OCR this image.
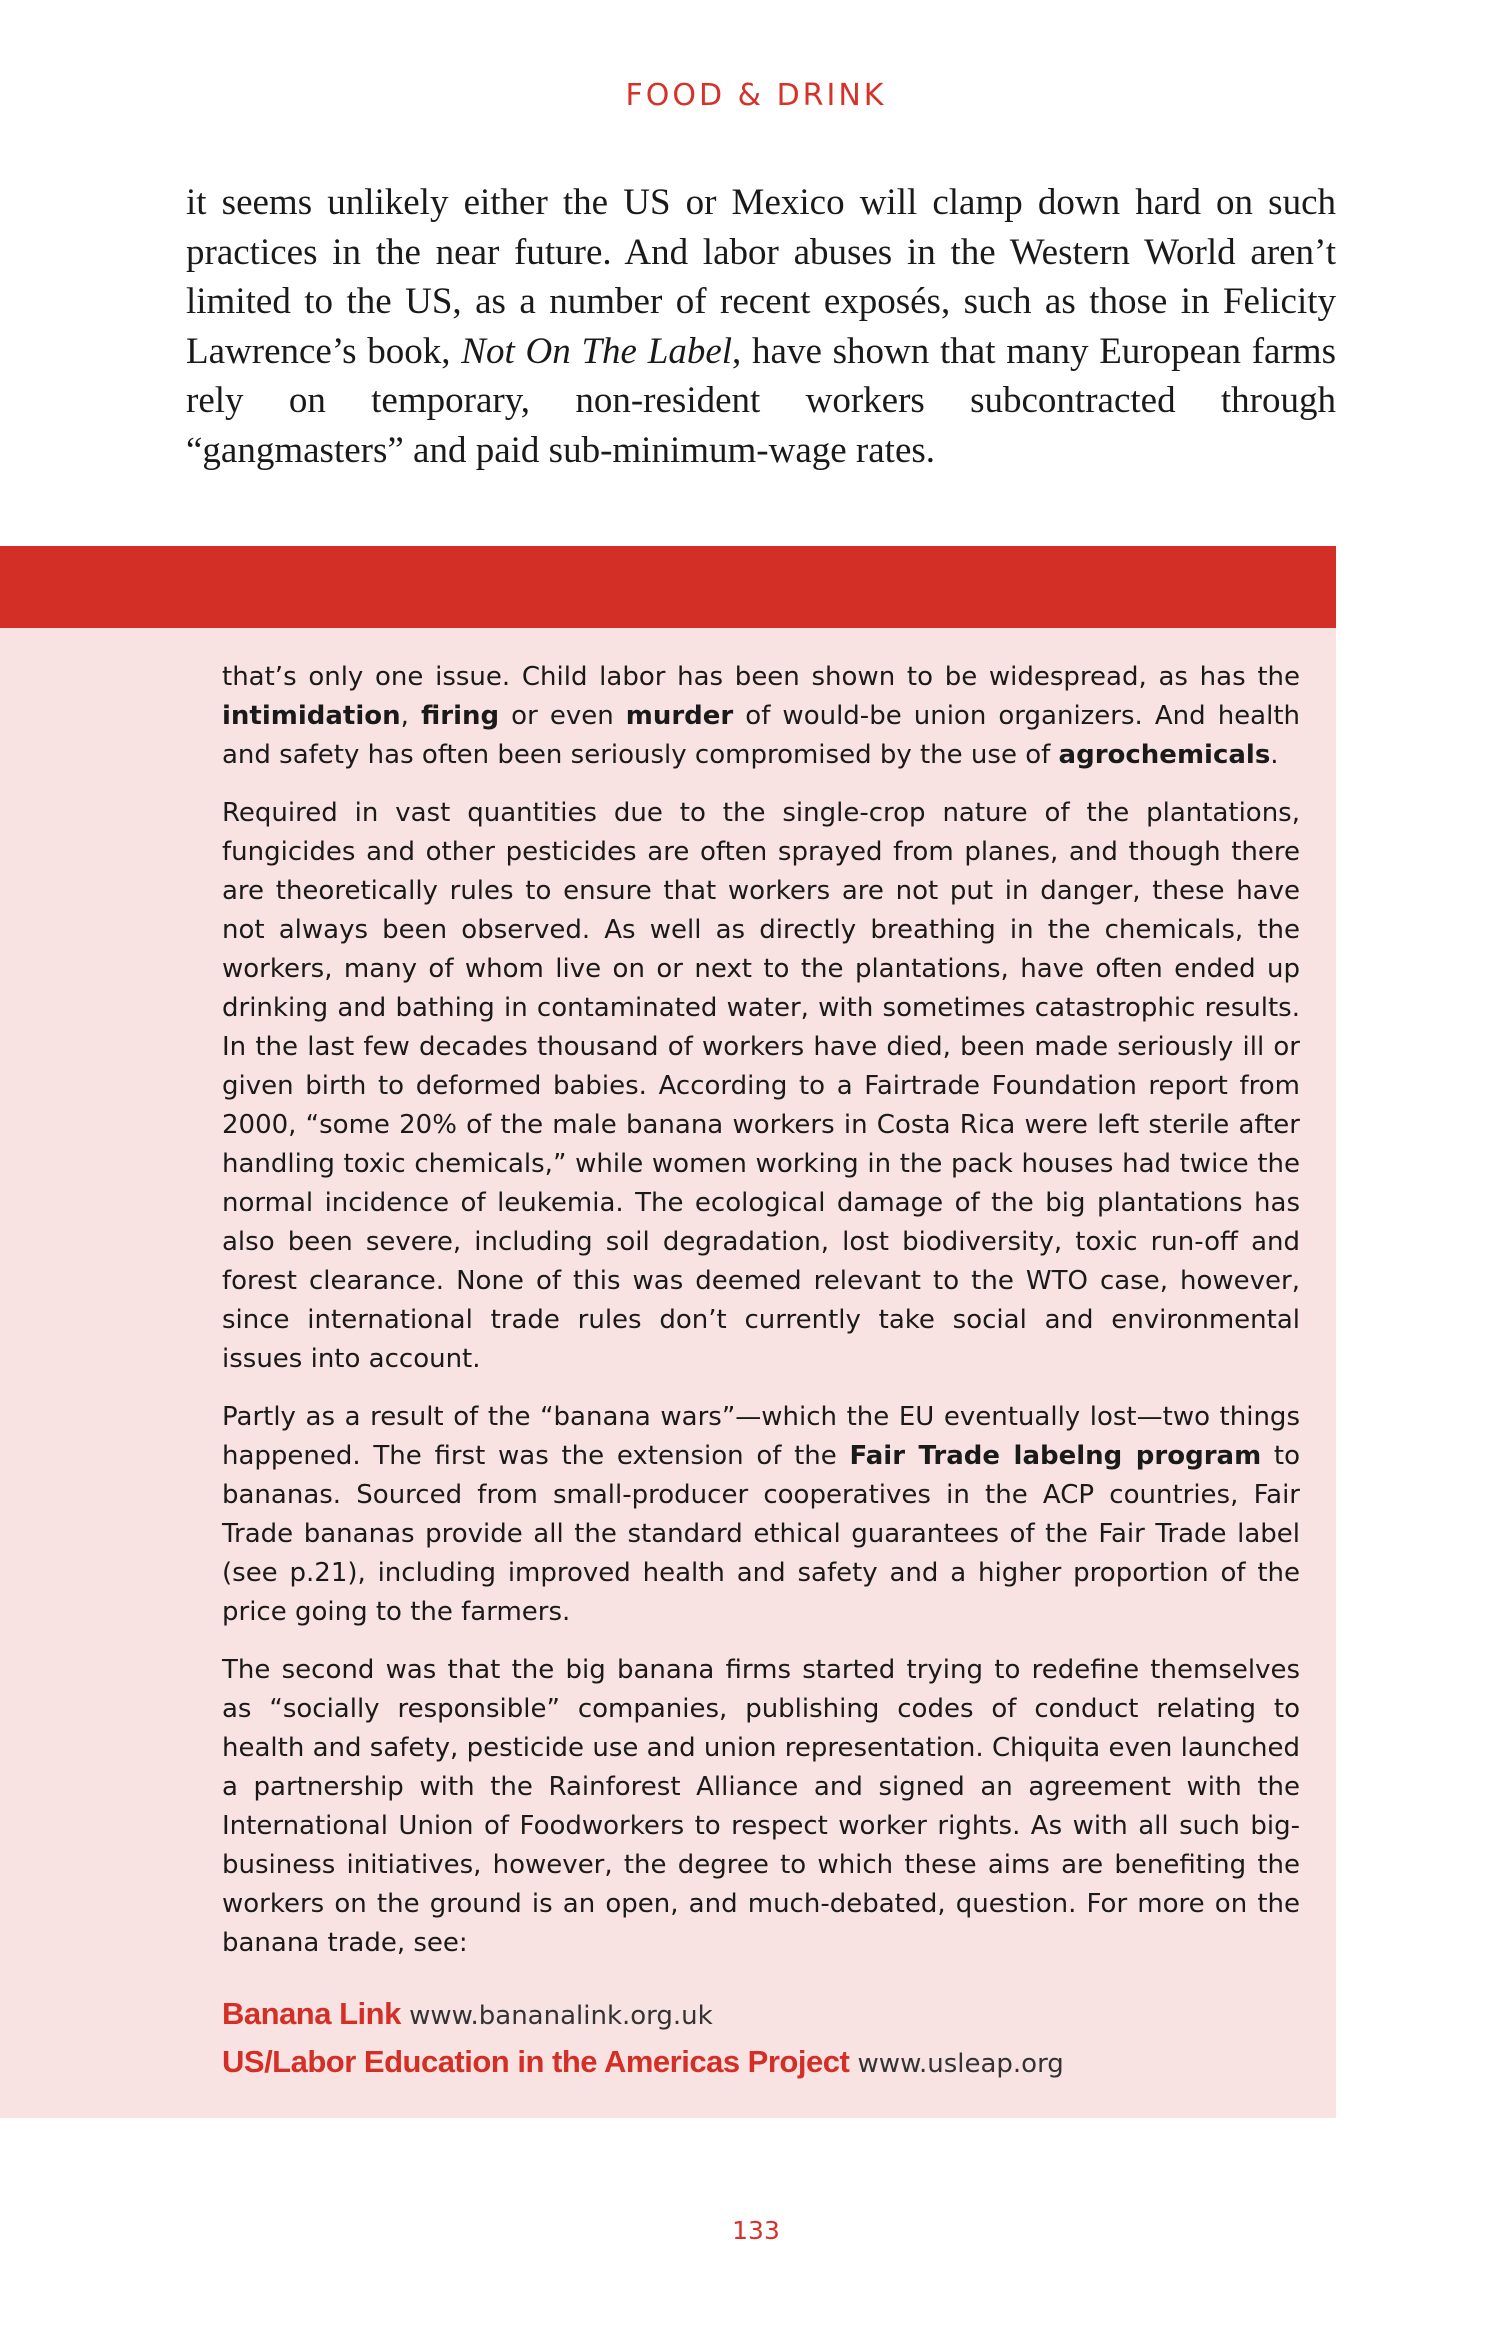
FOOD & DRINK

it seems unlikely either the US or Mexico will clamp down hard on such practices in the near future. And labor abuses in the Western World aren’t limited to the US, as a number of recent exposés, such as those in Felicity Lawrence’s book, Not On The Label, have shown that many European farms rely on temporary, non-resident workers subcontracted through “gangmasters” and paid sub-minimum-wage rates.

that’s only one issue. Child labor has been shown to be widespread, as has the intimidation, firing or even murder of would-be union organizers. And health and safety has often been seriously compromised by the use of agrochemicals.

Required in vast quantities due to the single-crop nature of the plantations, fungicides and other pesticides are often sprayed from planes, and though there are theoretically rules to ensure that workers are not put in danger, these have not always been observed. As well as directly breathing in the chemicals, the workers, many of whom live on or next to the plantations, have often ended up drinking and bathing in contaminated water, with sometimes catastrophic results. In the last few decades thousand of workers have died, been made seriously ill or given birth to deformed babies. According to a Fairtrade Foundation report from 2000, “some 20% of the male banana workers in Costa Rica were left sterile after handling toxic chemicals,” while women working in the pack houses had twice the normal incidence of leukemia. The ecological damage of the big plantations has also been severe, including soil degradation, lost biodiversity, toxic run-off and forest clearance. None of this was deemed relevant to the WTO case, however, since international trade rules don’t currently take social and environmental issues into account.

Partly as a result of the “banana wars”—which the EU eventually lost—two things happened. The first was the extension of the Fair Trade labelng program to bananas. Sourced from small-producer cooperatives in the ACP countries, Fair Trade bananas provide all the standard ethical guarantees of the Fair Trade label (see p.21), including improved health and safety and a higher proportion of the price going to the farmers.

The second was that the big banana firms started trying to redefine themselves as “socially responsible” companies, publishing codes of conduct relating to health and safety, pesticide use and union representation. Chiquita even launched a partnership with the Rainforest Alliance and signed an agreement with the International Union of Foodworkers to respect worker rights. As with all such big-business initiatives, however, the degree to which these aims are benefiting the workers on the ground is an open, and much-debated, question. For more on the banana trade, see:

Banana Link www.bananalink.org.uk
US/Labor Education in the Americas Project www.usleap.org
133
